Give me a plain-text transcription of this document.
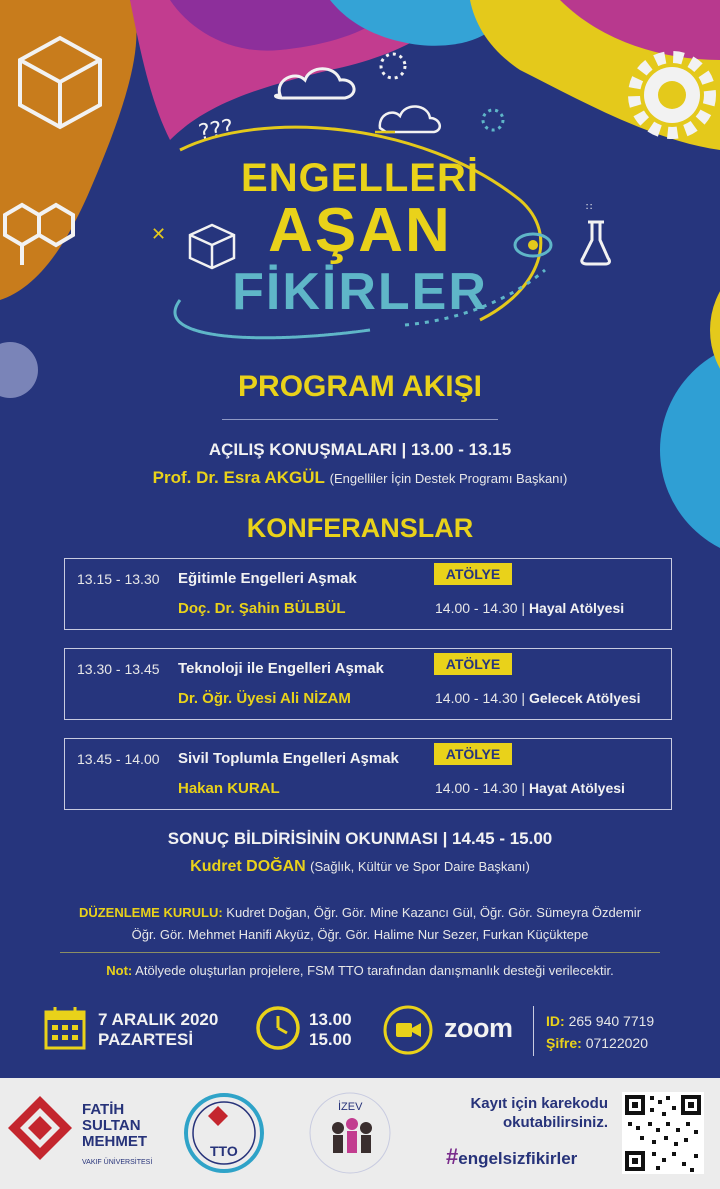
???
✕
∷
ENGELLERİ
AŞAN
FİKİRLER
PROGRAM AKIŞI
AÇILIŞ KONUŞMALARI | 13.00 - 13.15
Prof. Dr. Esra AKGÜL (Engelliler İçin Destek Programı Başkanı)
KONFERANSLAR
13.15 - 13.30 Eğitimle Engelleri Aşmak
Doç. Dr. Şahin BÜLBÜL
ATÖLYE
14.00 - 14.30 | Hayal Atölyesi
13.30 - 13.45 Teknoloji ile Engelleri Aşmak
Dr. Öğr. Üyesi Ali NİZAM
ATÖLYE
14.00 - 14.30 | Gelecek Atölyesi
13.45 - 14.00 Sivil Toplumla Engelleri Aşmak
Hakan KURAL
ATÖLYE
14.00 - 14.30 | Hayat Atölyesi
SONUÇ BİLDİRİSİNİN OKUNMASI | 14.45 - 15.00
Kudret DOĞAN (Sağlık, Kültür ve Spor Daire Başkanı)
DÜZENLEME KURULU: Kudret Doğan, Öğr. Gör. Mine Kazancı Gül, Öğr. Gör. Sümeyra Özdemir
Öğr. Gör. Mehmet Hanifi Akyüz, Öğr. Gör. Halime Nur Sezer, Furkan Küçüktepe
Not: Atölyede oluşturlan projelere, FSM TTO tarafından danışmanlık desteği verilecektir.
7 ARALIK 2020
PAZARTESİ
13.00
15.00	zoom ID: 265 940 7719
Şifre: 07122020
TTO
İZEV
FATİH
SULTAN
MEHMET
VAKIF ÜNİVERSİTESİ
Kayıt için karekodu
okutabilirsiniz.
#engelsizfikirler
